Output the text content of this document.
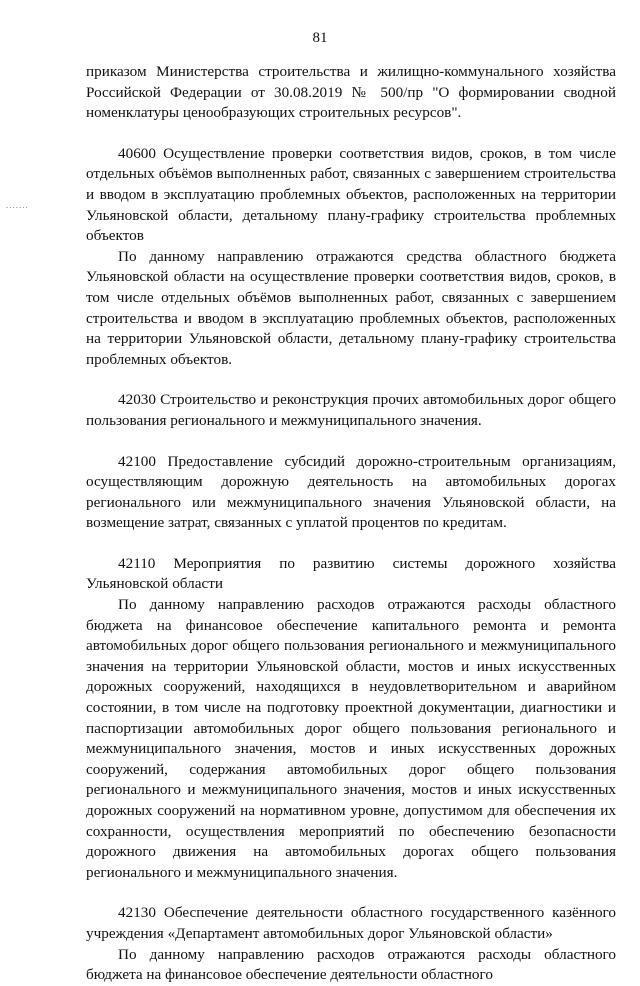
81
.......

приказом Министерства строительства и жилищно-коммунального хозяйства Российской Федерации от 30.08.2019 № 500/пр "О формировании сводной номенклатуры ценообразующих строительных ресурсов".

40600 Осуществление проверки соответствия видов, сроков, в том числе отдельных объёмов выполненных работ, связанных с завершением строительства и вводом в эксплуатацию проблемных объектов, расположенных на территории Ульяновской области, детальному плану-графику строительства проблемных объектов

По данному направлению отражаются средства областного бюджета Ульяновской области на осуществление проверки соответствия видов, сроков, в том числе отдельных объёмов выполненных работ, связанных с завершением строительства и вводом в эксплуатацию проблемных объектов, расположенных на территории Ульяновской области, детальному плану-графику строительства проблемных объектов.

42030 Строительство и реконструкция прочих автомобильных дорог общего пользования регионального и межмуниципального значения.

42100 Предоставление субсидий дорожно-строительным организациям, осуществляющим дорожную деятельность на автомобильных дорогах регионального или межмуниципального значения Ульяновской области, на возмещение затрат, связанных с уплатой процентов по кредитам.

42110 Мероприятия по развитию системы дорожного хозяйства Ульяновской области

По данному направлению расходов отражаются расходы областного бюджета на финансовое обеспечение капитального ремонта и ремонта автомобильных дорог общего пользования регионального и межмуниципального значения на территории Ульяновской области, мостов и иных искусственных дорожных сооружений, находящихся в неудовлетворительном и аварийном состоянии, в том числе на подготовку проектной документации, диагностики и паспортизации автомобильных дорог общего пользования регионального и межмуниципального значения, мостов и иных искусственных дорожных сооружений, содержания автомобильных дорог общего пользования регионального и межмуниципального значения, мостов и иных искусственных дорожных сооружений на нормативном уровне, допустимом для обеспечения их сохранности, осуществления мероприятий по обеспечению безопасности дорожного движения на автомобильных дорогах общего пользования регионального и межмуниципального значения.

42130 Обеспечение деятельности областного государственного казённого учреждения «Департамент автомобильных дорог Ульяновской области»

По данному направлению расходов отражаются расходы областного бюджета на финансовое обеспечение деятельности областного
